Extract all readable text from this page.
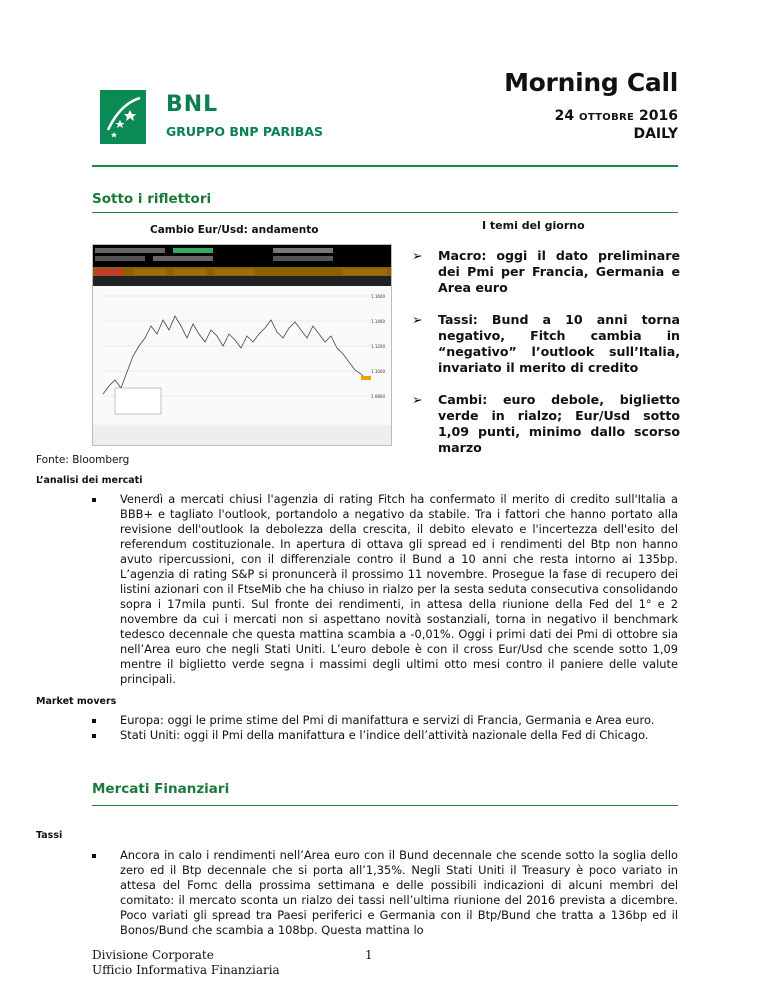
Morning Call
24 OTTOBRE 2016
DAILY
BNL
GRUPPO BNP PARIBAS
Sotto i riflettori
Cambio Eur/Usd: andamento	I temi del giorno
1.1600
1.1400
1.1200
1.1000
1.0800
➢ Macro: oggi il dato preliminare dei Pmi per Francia, Germania e Area euro
➢ Tassi: Bund a 10 anni torna negativo, Fitch cambia in “negativo” l’outlook sull’Italia, invariato il merito di credito
➢ Cambi: euro debole, biglietto verde in rialzo; Eur/Usd sotto 1,09 punti, minimo dallo scorso marzo
Fonte: Bloomberg
L’analisi dei mercati
Venerdì a mercati chiusi l'agenzia di rating Fitch ha confermato il merito di credito sull'Italia a BBB+ e tagliato l'outlook, portandolo a negativo da stabile. Tra i fattori che hanno portato alla revisione dell'outlook la debolezza della crescita, il debito elevato e l'incertezza dell'esito del referendum costituzionale. In apertura di ottava gli spread ed i rendimenti del Btp non hanno avuto ripercussioni, con il differenziale contro il Bund a 10 anni che resta intorno ai 135bp. L’agenzia di rating S&P si pronuncerà il prossimo 11 novembre. Prosegue la fase di recupero dei listini azionari con il FtseMib che ha chiuso in rialzo per la sesta seduta consecutiva consolidando sopra i 17mila punti. Sul fronte dei rendimenti, in attesa della riunione della Fed del 1° e 2 novembre da cui i mercati non si aspettano novità sostanziali, torna in negativo il benchmark tedesco decennale che questa mattina scambia a -0,01%. Oggi i primi dati dei Pmi di ottobre sia nell’Area euro che negli Stati Uniti. L’euro debole è con il cross Eur/Usd che scende sotto 1,09 mentre il biglietto verde segna i massimi degli ultimi otto mesi contro il paniere delle valute principali.
Market movers
Europa: oggi le prime stime del Pmi di manifattura e servizi di Francia, Germania e Area euro.
Stati Uniti: oggi il Pmi della manifattura e l’indice dell’attività nazionale della Fed di Chicago.
Mercati Finanziari
Tassi
Ancora in calo i rendimenti nell’Area euro con il Bund decennale che scende sotto la soglia dello zero ed il Btp decennale che si porta all’1,35%. Negli Stati Uniti il Treasury è poco variato in attesa del Fomc della prossima settimana e delle possibili indicazioni di alcuni membri del comitato: il mercato sconta un rialzo dei tassi nell’ultima riunione del 2016 prevista a dicembre. Poco variati gli spread tra Paesi periferici e Germania con il Btp/Bund che tratta a 136bp ed il Bonos/Bund che scambia a 108bp. Questa mattina lo
Divisione Corporate
Ufficio Informativa Finanziaria
1
